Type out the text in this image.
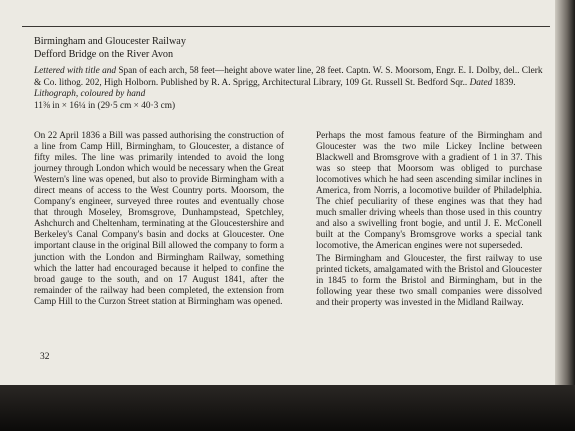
Birmingham and Gloucester Railway
Defford Bridge on the River Avon

Lettered with title and Span of each arch, 58 feet—height above water line, 28 feet. Captn. W. S. Moorsom, Engr. E. I. Dolby, del.. Clerk & Co. lithog. 202, High Holborn. Published by R. A. Sprigg, Architectural Library, 109 Gt. Russell St. Bedford Sqr.. Dated 1839.

Lithograph, coloured by hand

11⅜ in × 16¼ in (29·5 cm × 40·3 cm)

On 22 April 1836 a Bill was passed authorising the construction of a line from Camp Hill, Birmingham, to Gloucester, a distance of fifty miles. The line was primarily intended to avoid the long journey through London which would be necessary when the Great Western's line was opened, but also to provide Birmingham with a direct means of access to the West Country ports. Moorsom, the Company's engineer, surveyed three routes and eventually chose that through Moseley, Bromsgrove, Dunhampstead, Spetchley, Ashchurch and Cheltenham, terminating at the Gloucestershire and Berkeley's Canal Company's basin and docks at Gloucester. One important clause in the original Bill allowed the company to form a junction with the London and Birmingham Railway, something which the latter had encouraged because it helped to confine the broad gauge to the south, and on 17 August 1841, after the remainder of the railway had been completed, the extension from Camp Hill to the Curzon Street station at Birmingham was opened.

Perhaps the most famous feature of the Birmingham and Gloucester was the two mile Lickey Incline between Blackwell and Bromsgrove with a gradient of 1 in 37. This was so steep that Moorsom was obliged to purchase locomotives which he had seen ascending similar inclines in America, from Norris, a locomotive builder of Philadelphia. The chief peculiarity of these engines was that they had much smaller driving wheels than those used in this country and also a swivelling front bogie, and until J. E. McConell built at the Company's Bromsgrove works a special tank locomotive, the American engines were not superseded.

The Birmingham and Gloucester, the first railway to use printed tickets, amalgamated with the Bristol and Gloucester in 1845 to form the Bristol and Birmingham, but in the following year these two small companies were dissolved and their property was invested in the Midland Railway.

32
